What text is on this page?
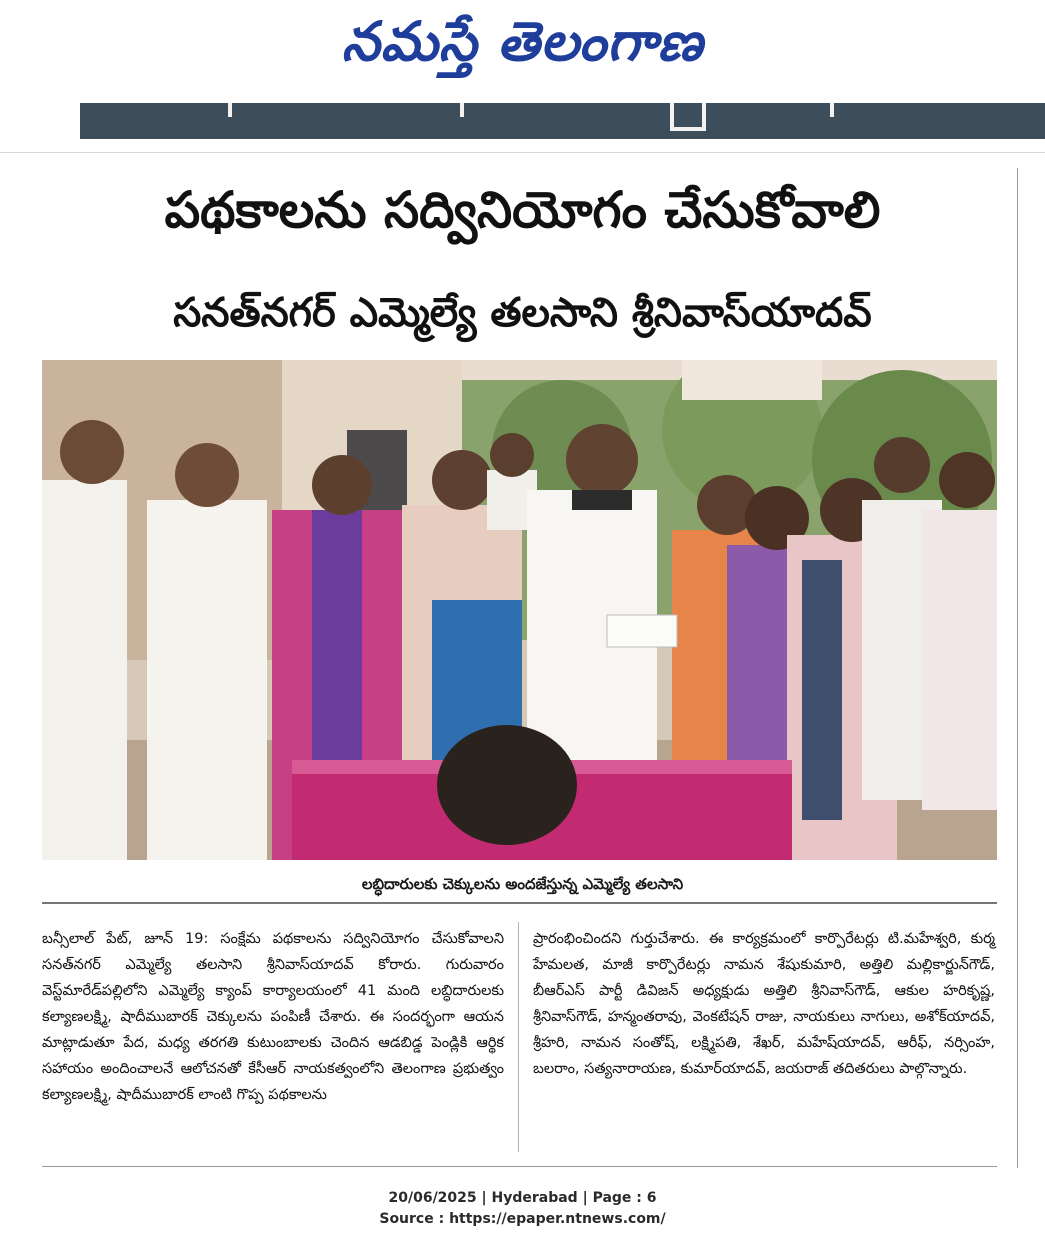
నమస్తే తెలంగాణ
పథకాలను సద్వినియోగం చేసుకోవాలి
సనత్‌నగర్ ఎమ్మెల్యే తలసాని శ్రీనివాస్‌యాదవ్
లబ్ధిదారులకు చెక్కులను అందజేస్తున్న ఎమ్మెల్యే తలసాని
బన్సీలాల్ పేట్, జూన్ 19: సంక్షేమ పథకాలను సద్వినియోగం చేసుకోవాలని సనత్‌నగర్ ఎమ్మెల్యే తలసాని శ్రీనివాస్‌యాదవ్ కోరారు. గురువారం వెస్ట్‌మారేడ్‌పల్లిలోని ఎమ్మెల్యే క్యాంప్ కార్యాలయంలో 41 మంది లబ్ధిదారులకు కల్యాణలక్ష్మి, షాదీముబారక్ చెక్కులను పంపిణీ చేశారు. ఈ సందర్భంగా ఆయన మాట్లాడుతూ పేద, మధ్య తరగతి కుటుంబాలకు చెందిన ఆడబిడ్డ పెండ్లికి ఆర్థిక సహాయం అందించాలనే ఆలోచనతో కేసీఆర్ నాయకత్వంలోని తెలంగాణ ప్రభుత్వం కల్యాణలక్ష్మి, షాదీముబారక్ లాంటి గొప్ప పథకాలను
ప్రారంభించిందని గుర్తుచేశారు. ఈ కార్యక్రమంలో కార్పొరేటర్లు టి.మహేశ్వరి, కుర్మ హేమలత, మాజీ కార్పొరేటర్లు నామన శేషుకుమారి, అత్తిలి మల్లికార్జున్‌గౌడ్, బీఆర్‌ఎస్ పార్టీ డివిజన్ అధ్యక్షుడు అత్తిలి శ్రీనివాస్‌గౌడ్, ఆకుల హరికృష్ణ, శ్రీనివాస్‌గౌడ్, హన్మంతరావు, వెంకటేషన్ రాజు, నాయకులు నాగులు, అశోక్‌యాదవ్, శ్రీహరి, నామన సంతోష్, లక్ష్మిపతి, శేఖర్, మహేష్‌యాదవ్, ఆరీఫ్, నర్సింహ, బలరాం, సత్యనారాయణ, కుమార్‌యాదవ్, జయరాజ్ తదితరులు పాల్గొన్నారు.
20/06/2025 | Hyderabad | Page : 6
Source : https://epaper.ntnews.com/
